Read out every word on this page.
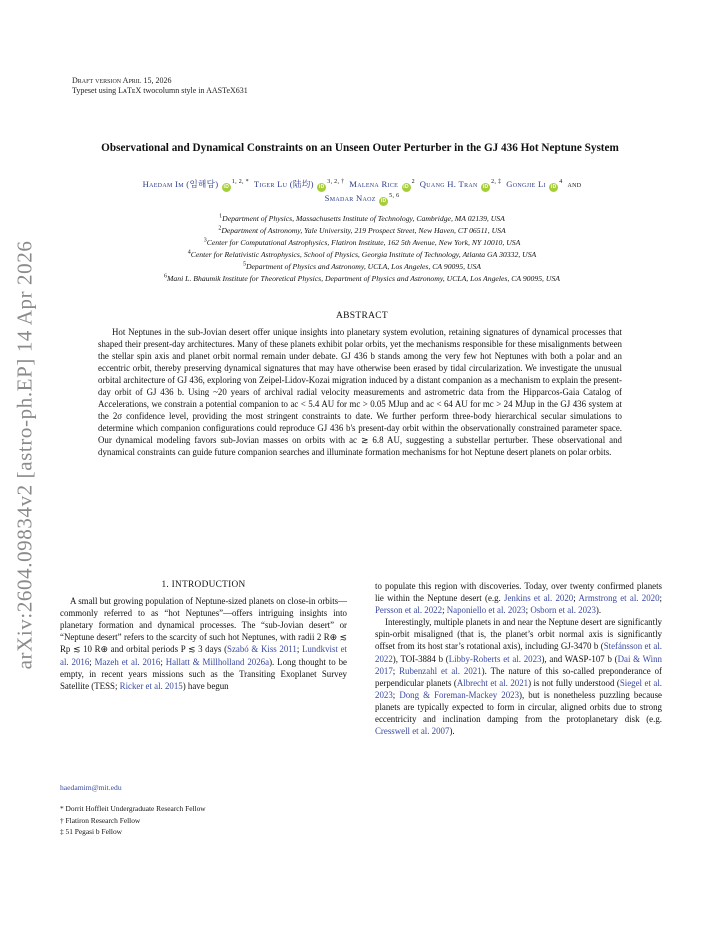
arXiv:2604.09834v2 [astro-ph.EP] 14 Apr 2026
Draft version April 15, 2026
Typeset using LᴀTᴇX twocolumn style in AASTeX631
Observational and Dynamical Constraints on an Unseen Outer Perturber in the GJ 436 Hot Neptune System
Haedam Im (임해담) $iD^{1, 2, *}$ Tiger Lu (陆均) $iD^{3, 2, \dagger}$ Malena Rice $iD^2$ Quang H. Tran $iD^{2, \ddagger}$ Gongjie Li $iD^4$ and
Smadar Naoz iD$^{5, 6}$
$^1$Department of Physics, Massachusetts Institute of Technology, Cambridge, MA 02139, USA
$^2$Department of Astronomy, Yale University, 219 Prospect Street, New Haven, CT 06511, USA
$^3$Center for Computational Astrophysics, Flatiron Institute, 162 5th Avenue, New York, NY 10010, USA
$^4$Center for Relativistic Astrophysics, School of Physics, Georgia Institute of Technology, Atlanta GA 30332, USA
$^5$Department of Physics and Astronomy, UCLA, Los Angeles, CA 90095, USA
$^6$Mani L. Bhaumik Institute for Theoretical Physics, Department of Physics and Astronomy, UCLA, Los Angeles, CA 90095, USA
ABSTRACT

Hot Neptunes in the sub-Jovian desert offer unique insights into planetary system evolution, retaining signatures of dynamical processes that shaped their present-day architectures. Many of these planets exhibit polar orbits, yet the mechanisms responsible for these misalignments between the stellar spin axis and planet orbit normal remain under debate. GJ 436 b stands among the very few hot Neptunes with both a polar and an eccentric orbit, thereby preserving dynamical signatures that may have otherwise been erased by tidal circularization. We investigate the unusual orbital architecture of GJ 436, exploring von Zeipel-Lidov-Kozai migration induced by a distant companion as a mechanism to explain the present-day orbit of GJ 436 b. Using ~20 years of archival radial velocity measurements and astrometric data from the Hipparcos-Gaia Catalog of Accelerations, we constrain a potential companion to ac < 5.4 AU for mc > 0.05 MJup and ac < 64 AU for mc > 24 MJup in the GJ 436 system at the 2σ confidence level, providing the most stringent constraints to date. We further perform three-body hierarchical secular simulations to determine which companion configurations could reproduce GJ 436 b's present-day orbit within the observationally constrained parameter space. Our dynamical modeling favors sub-Jovian masses on orbits with ac ≳ 6.8 AU, suggesting a substellar perturber. These observational and dynamical constraints can guide future companion searches and illuminate formation mechanisms for hot Neptune desert planets on polar orbits.

1. INTRODUCTION

A small but growing population of Neptune-sized planets on close-in orbits—commonly referred to as “hot Neptunes”—offers intriguing insights into planetary formation and dynamical processes. The “sub-Jovian desert” or “Neptune desert” refers to the scarcity of such hot Neptunes, with radii 2 R⊕ ≲ Rp ≲ 10 R⊕ and orbital periods P ≲ 3 days (Szabó & Kiss 2011; Lundkvist et al. 2016; Mazeh et al. 2016; Hallatt & Millholland 2026a). Long thought to be empty, in recent years missions such as the Transiting Exoplanet Survey Satellite (TESS; Ricker et al. 2015) have begun

haedamim@mit.edu
* Dorrit Hoffleit Undergraduate Research Fellow
† Flatiron Research Fellow
‡ 51 Pegasi b Fellow

to populate this region with discoveries. Today, over twenty confirmed planets lie within the Neptune desert (e.g. Jenkins et al. 2020; Armstrong et al. 2020; Persson et al. 2022; Naponiello et al. 2023; Osborn et al. 2023).

Interestingly, multiple planets in and near the Neptune desert are significantly spin-orbit misaligned (that is, the planet’s orbit normal axis is significantly offset from its host star’s rotational axis), including GJ-3470 b (Stefánsson et al. 2022), TOI-3884 b (Libby-Roberts et al. 2023), and WASP-107 b (Dai & Winn 2017; Rubenzahl et al. 2021). The nature of this so-called preponderance of perpendicular planets (Albrecht et al. 2021) is not fully understood (Siegel et al. 2023; Dong & Foreman-Mackey 2023), but is nonetheless puzzling because planets are typically expected to form in circular, aligned orbits due to strong eccentricity and inclination damping from the protoplanetary disk (e.g. Cresswell et al. 2007).
